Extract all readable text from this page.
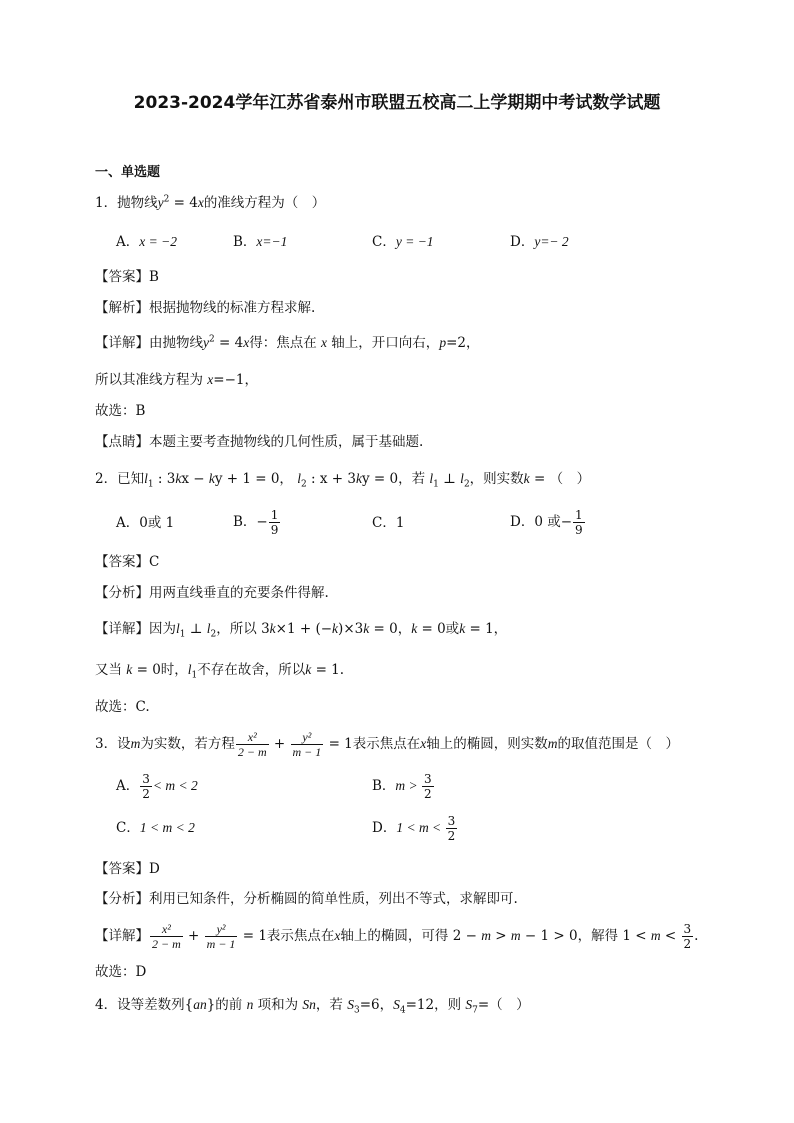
2023-2024学年江苏省泰州市联盟五校高二上学期期中考试数学试题
一、单选题
1．抛物线$y^2 = 4x$的准线方程为（　）
A．x = −2	B．x=−1	C．y = −1	D．y=− 2
【答案】B
【解析】根据抛物线的标准方程求解.
【详解】由抛物线$y^2 = 4x$得：焦点在 x 轴上，开口向右，p=2，
所以其准线方程为 x=−1，
故选：B
【点睛】本题主要考查抛物线的几何性质，属于基础题.
2．已知$l_1$ : 3kx − ky + 1 = 0， $l_2$ : x + 3ky = 0，若 $l_1$ ⊥ $l_2$，则实数k = （　）
A．0或 1	B．− $\frac{1}{9}$	C．1	D．0 或− $\frac{1}{9}$
【答案】C
【分析】用两直线垂直的充要条件得解.
【详解】因为$l_1$ ⊥ $l_2$，所以 3k×1 + (−k)×3k = 0，k = 0或k = 1，
又当 k = 0时，$l_1$不存在故舍，所以k = 1.
故选：C.
3．设m为实数，若方程 $\frac{\text{x²}}{2 - m} + \frac{\text{y²}}{m - 1} = 1$表示焦点在x轴上的椭圆，则实数m的取值范围是（　）
A． $\frac{3}{2} < m < 2$	B．$m > \frac{3}{2}$
C．1 < m < 2	D．$1 < m < \frac{3}{2}$
【答案】D
【分析】利用已知条件，分析椭圆的简单性质，列出不等式，求解即可.
【详解】 $\frac{\text{x²}}{2 - m} + \frac{\text{y²}}{m - 1} = 1$表示焦点在x轴上的椭圆，可得 2 − m > m − 1 > 0，解得 $1 < m < \frac{3}{2}$ .
故选：D
4．设等差数列{an}的前 n 项和为 Sn，若 $S_3=6$，$S_4=12$，则 $S_7=$（　）
